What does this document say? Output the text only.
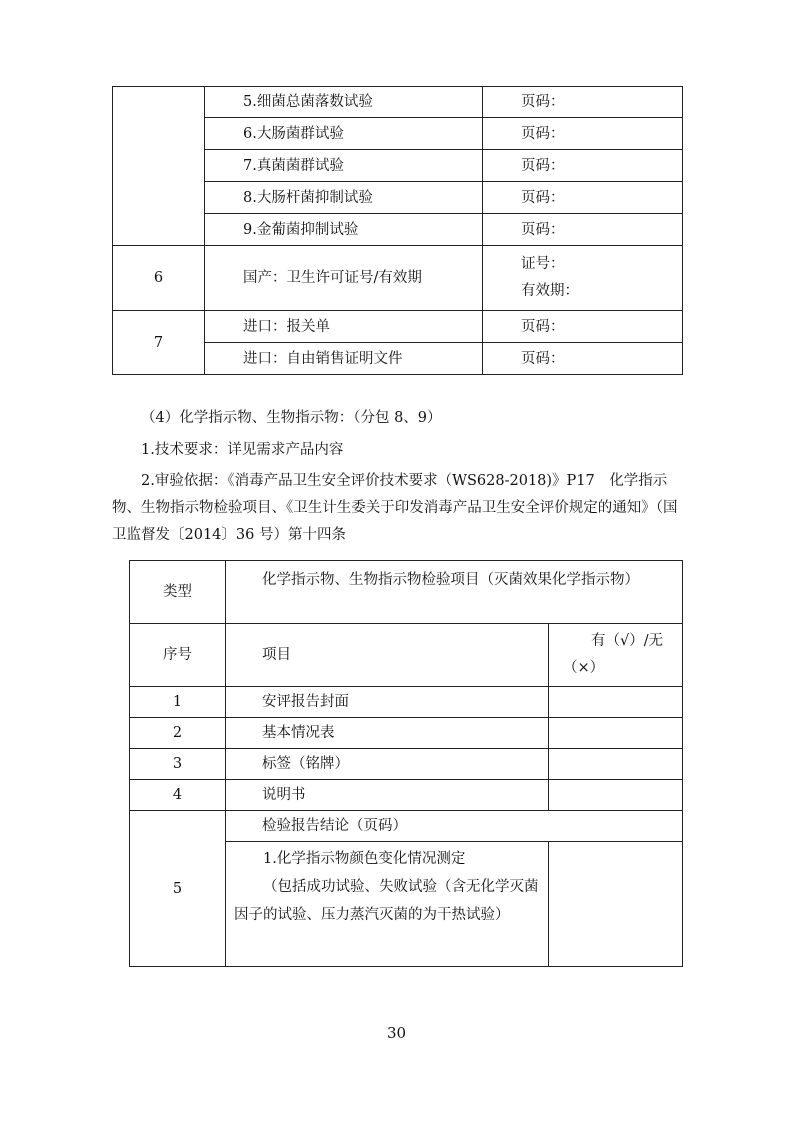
	5.细菌总菌落数试验	页码：
	6.大肠菌群试验	页码：
	7.真菌菌群试验	页码：
	8.大肠杆菌抑制试验	页码：
	9.金葡菌抑制试验	页码：
6	国产：卫生许可证号/有效期	证号：
有效期：

7	进口：报关单	页码：
	进口：自由销售证明文件	页码：
（4）化学指示物、生物指示物：（分包 8、9）
1.技术要求：详见需求产品内容
2.审验依据：《消毒产品卫生安全评价技术要求（WS628-2018)》P17　化学指示物、生物指示物检验项目、《卫生计生委关于印发消毒产品卫生安全评价规定的通知》（国卫监督发〔2014〕36 号）第十四条
类型	化学指示物、生物指示物检验项目（灭菌效果化学指示物）	
序号	项目	有（√）/无（×）
1	安评报告封面	
2	基本情况表	
3	标签（铭牌）	
4	说明书	
5	检验报告结论（页码）	

	1.化学指示物颜色变化情况测定
（包括成功试验、失败试验（含无化学灭菌因子的试验、压力蒸汽灭菌的为干热试验）	

30
